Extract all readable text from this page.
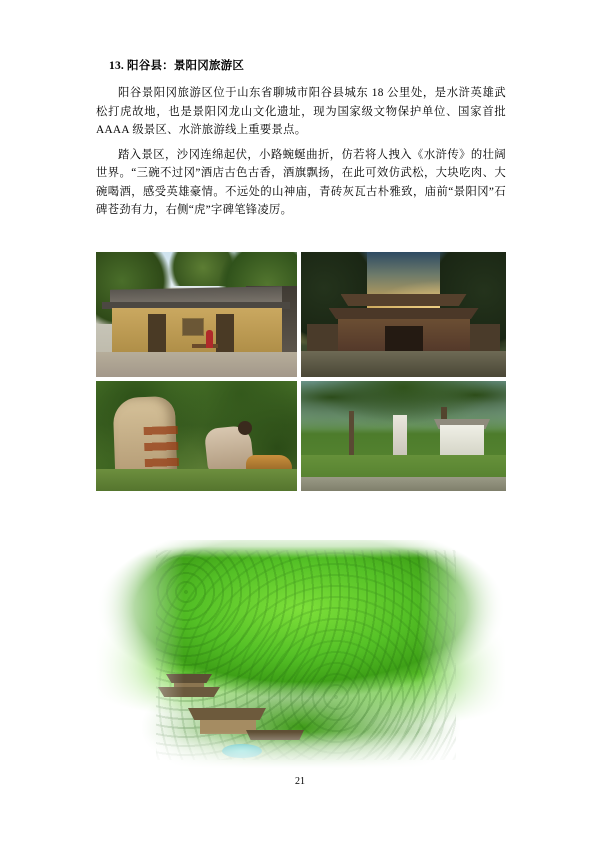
13. 阳谷县：景阳冈旅游区

阳谷景阳冈旅游区位于山东省聊城市阳谷县城东 18 公里处，是水浒英雄武松打虎故地，也是景阳冈龙山文化遗址，现为国家级文物保护单位、国家首批 AAAA 级景区、水浒旅游线上重要景点。

踏入景区，沙冈连绵起伏，小路蜿蜒曲折，仿若将人拽入《水浒传》的壮阔世界。“三碗不过冈”酒店古色古香，酒旗飘扬，在此可效仿武松，大块吃肉、大碗喝酒，感受英雄豪情。不远处的山神庙，青砖灰瓦古朴雅致，庙前“景阳冈”石碑苍劲有力，右侧“虎”字碑笔锋凌厉。

21
